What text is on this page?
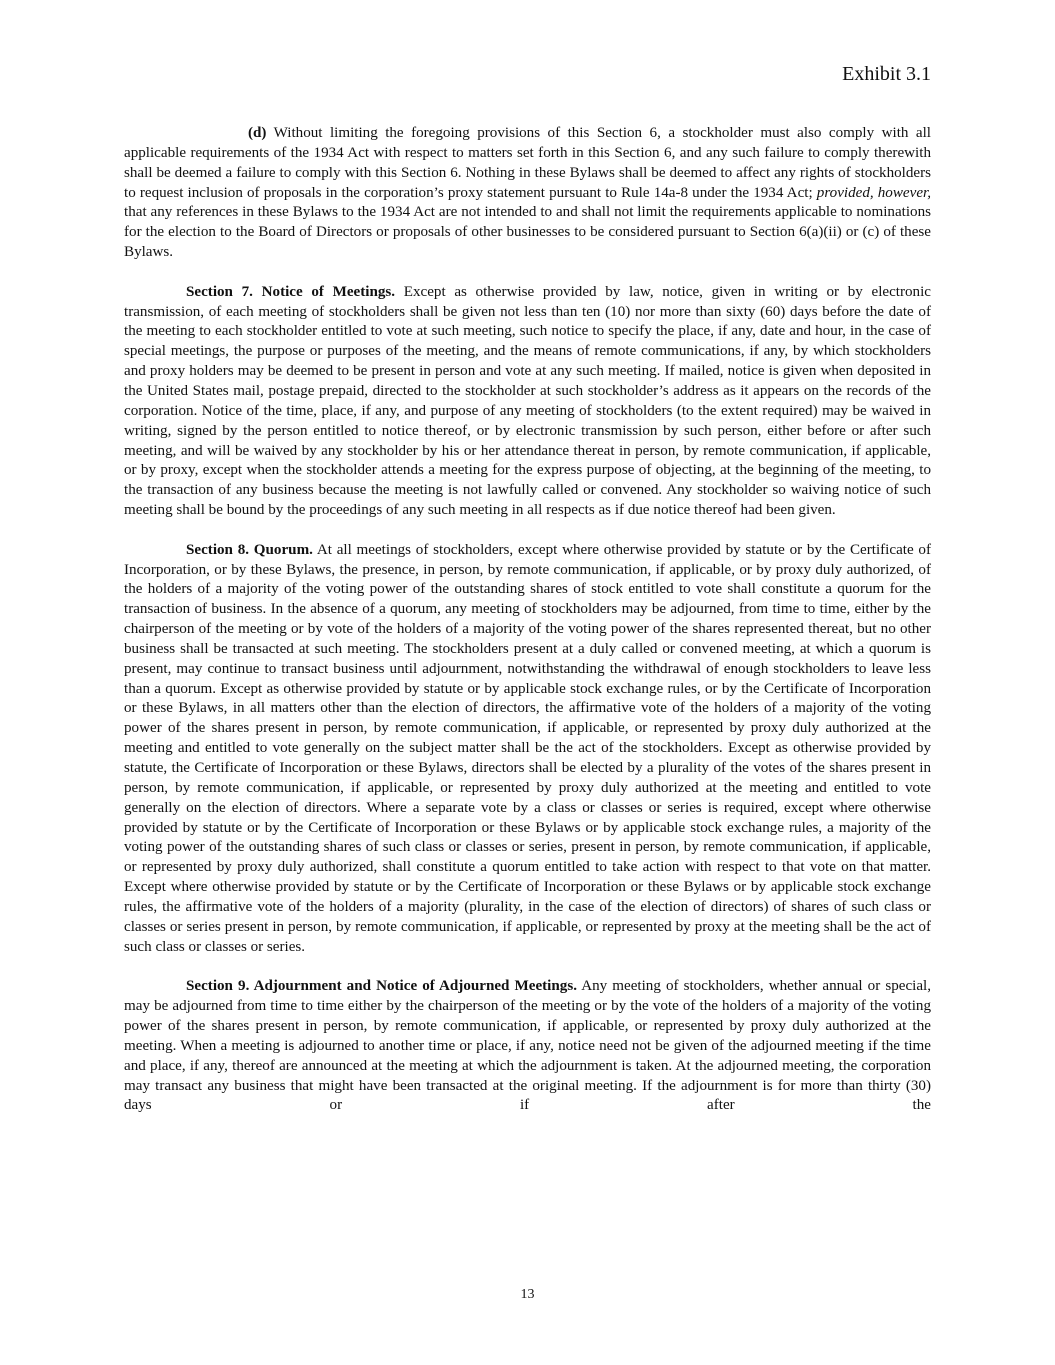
Exhibit 3.1

(d) Without limiting the foregoing provisions of this Section 6, a stockholder must also comply with all applicable requirements of the 1934 Act with respect to matters set forth in this Section 6, and any such failure to comply therewith shall be deemed a failure to comply with this Section 6. Nothing in these Bylaws shall be deemed to affect any rights of stockholders to request inclusion of proposals in the corporation’s proxy statement pursuant to Rule 14a-8 under the 1934 Act; provided, however, that any references in these Bylaws to the 1934 Act are not intended to and shall not limit the requirements applicable to nominations for the election to the Board of Directors or proposals of other businesses to be considered pursuant to Section 6(a)(ii) or (c) of these Bylaws.

Section 7. Notice of Meetings. Except as otherwise provided by law, notice, given in writing or by electronic transmission, of each meeting of stockholders shall be given not less than ten (10) nor more than sixty (60) days before the date of the meeting to each stockholder entitled to vote at such meeting, such notice to specify the place, if any, date and hour, in the case of special meetings, the purpose or purposes of the meeting, and the means of remote communications, if any, by which stockholders and proxy holders may be deemed to be present in person and vote at any such meeting. If mailed, notice is given when deposited in the United States mail, postage prepaid, directed to the stockholder at such stockholder’s address as it appears on the records of the corporation. Notice of the time, place, if any, and purpose of any meeting of stockholders (to the extent required) may be waived in writing, signed by the person entitled to notice thereof, or by electronic transmission by such person, either before or after such meeting, and will be waived by any stockholder by his or her attendance thereat in person, by remote communication, if applicable, or by proxy, except when the stockholder attends a meeting for the express purpose of objecting, at the beginning of the meeting, to the transaction of any business because the meeting is not lawfully called or convened. Any stockholder so waiving notice of such meeting shall be bound by the proceedings of any such meeting in all respects as if due notice thereof had been given.

Section 8. Quorum. At all meetings of stockholders, except where otherwise provided by statute or by the Certificate of Incorporation, or by these Bylaws, the presence, in person, by remote communication, if applicable, or by proxy duly authorized, of the holders of a majority of the voting power of the outstanding shares of stock entitled to vote shall constitute a quorum for the transaction of business. In the absence of a quorum, any meeting of stockholders may be adjourned, from time to time, either by the chairperson of the meeting or by vote of the holders of a majority of the voting power of the shares represented thereat, but no other business shall be transacted at such meeting. The stockholders present at a duly called or convened meeting, at which a quorum is present, may continue to transact business until adjournment, notwithstanding the withdrawal of enough stockholders to leave less than a quorum. Except as otherwise provided by statute or by applicable stock exchange rules, or by the Certificate of Incorporation or these Bylaws, in all matters other than the election of directors, the affirmative vote of the holders of a majority of the voting power of the shares present in person, by remote communication, if applicable, or represented by proxy duly authorized at the meeting and entitled to vote generally on the subject matter shall be the act of the stockholders. Except as otherwise provided by statute, the Certificate of Incorporation or these Bylaws, directors shall be elected by a plurality of the votes of the shares present in person, by remote communication, if applicable, or represented by proxy duly authorized at the meeting and entitled to vote generally on the election of directors. Where a separate vote by a class or classes or series is required, except where otherwise provided by statute or by the Certificate of Incorporation or these Bylaws or by applicable stock exchange rules, a majority of the voting power of the outstanding shares of such class or classes or series, present in person, by remote communication, if applicable, or represented by proxy duly authorized, shall constitute a quorum entitled to take action with respect to that vote on that matter. Except where otherwise provided by statute or by the Certificate of Incorporation or these Bylaws or by applicable stock exchange rules, the affirmative vote of the holders of a majority (plurality, in the case of the election of directors) of shares of such class or classes or series present in person, by remote communication, if applicable, or represented by proxy at the meeting shall be the act of such class or classes or series.

Section 9. Adjournment and Notice of Adjourned Meetings. Any meeting of stockholders, whether annual or special, may be adjourned from time to time either by the chairperson of the meeting or by the vote of the holders of a majority of the voting power of the shares present in person, by remote communication, if applicable, or represented by proxy duly authorized at the meeting. When a meeting is adjourned to another time or place, if any, notice need not be given of the adjourned meeting if the time and place, if any, thereof are announced at the meeting at which the adjournment is taken. At the adjourned meeting, the corporation may transact any business that might have been transacted at the original meeting. If the adjournment is for more than thirty (30) days or if after the

13
